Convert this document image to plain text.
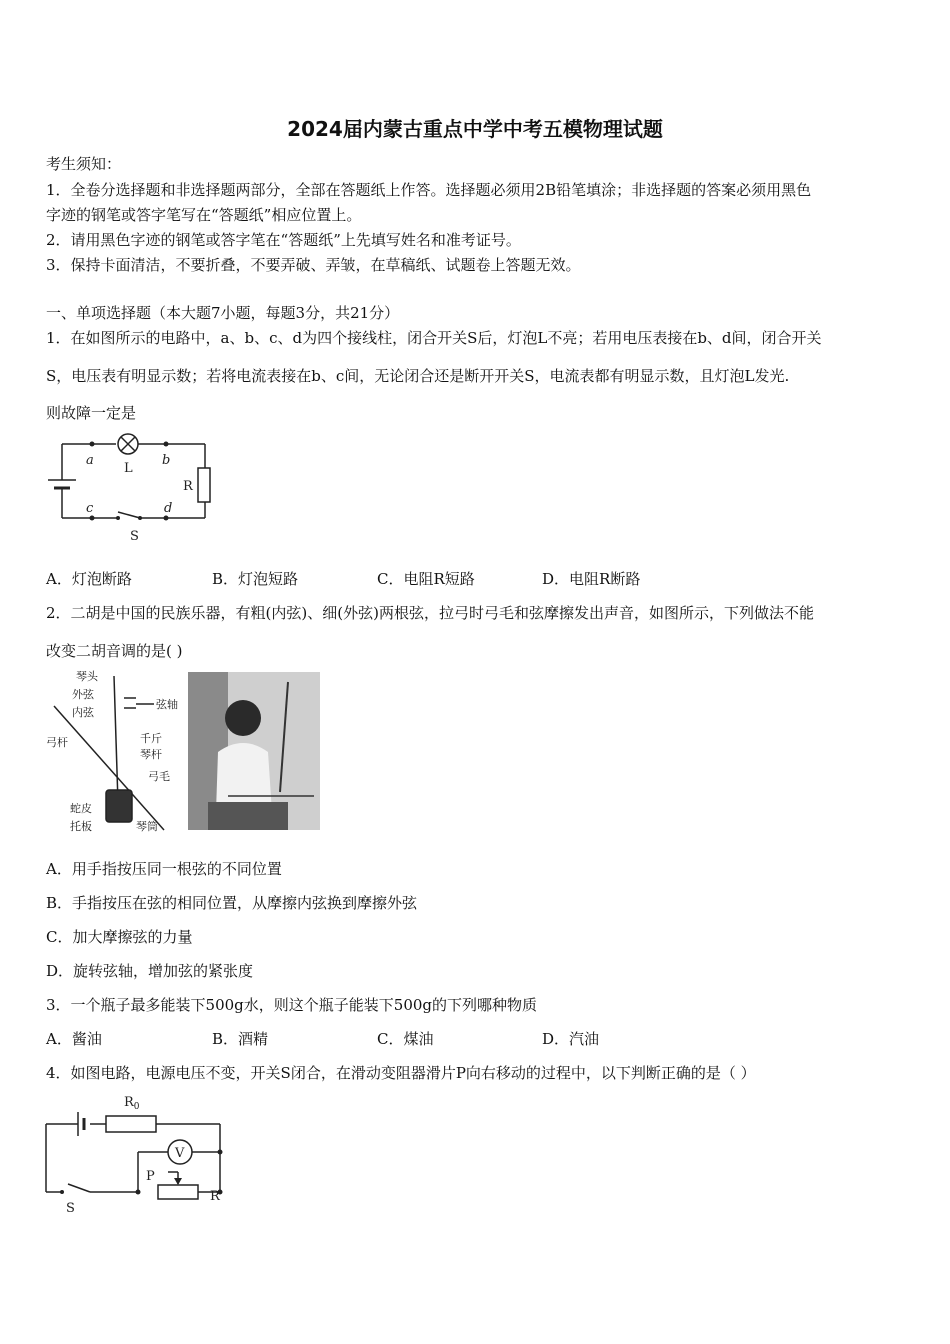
2024届内蒙古重点中学中考五模物理试题
考生须知：
1．全卷分选择题和非选择题两部分，全部在答题纸上作答。选择题必须用2B铅笔填涂；非选择题的答案必须用黑色
字迹的钢笔或答字笔写在“答题纸”相应位置上。
2．请用黑色字迹的钢笔或答字笔在“答题纸”上先填写姓名和准考证号。
3．保持卡面清洁，不要折叠，不要弄破、弄皱，在草稿纸、试题卷上答题无效。
一、单项选择题（本大题7小题，每题3分，共21分）
1．在如图所示的电路中，a、b、c、d为四个接线柱，闭合开关S后，灯泡L不亮；若用电压表接在b、d间，闭合开关
S，电压表有明显示数；若将电流表接在b、c间，无论闭合还是断开开关S，电流表都有明显示数，且灯泡L发光.
则故障一定是
a
L
b
R
c	d
S
A．灯泡断路	B．灯泡短路	C．电阻R短路	D．电阻R断路
2．二胡是中国的民族乐器，有粗(内弦)、细(外弦)两根弦，拉弓时弓毛和弦摩擦发出声音，如图所示，下列做法不能
改变二胡音调的是( )
琴头
外弦
内弦
弦轴
弓杆	千斤
琴杆
弓毛
蛇皮
托板	琴筒
A．用手指按压同一根弦的不同位置
B．手指按压在弦的相同位置，从摩擦内弦换到摩擦外弦
C．加大摩擦弦的力量
D．旋转弦轴，增加弦的紧张度
3．一个瓶子最多能装下500g水，则这个瓶子能装下500g的下列哪种物质
A．酱油	B．酒精	C．煤油	D．汽油
4．如图电路，电源电压不变，开关S闭合，在滑动变阻器滑片P向右移动的过程中，以下判断正确的是（ ）
$R_0$
V
P
R
S
